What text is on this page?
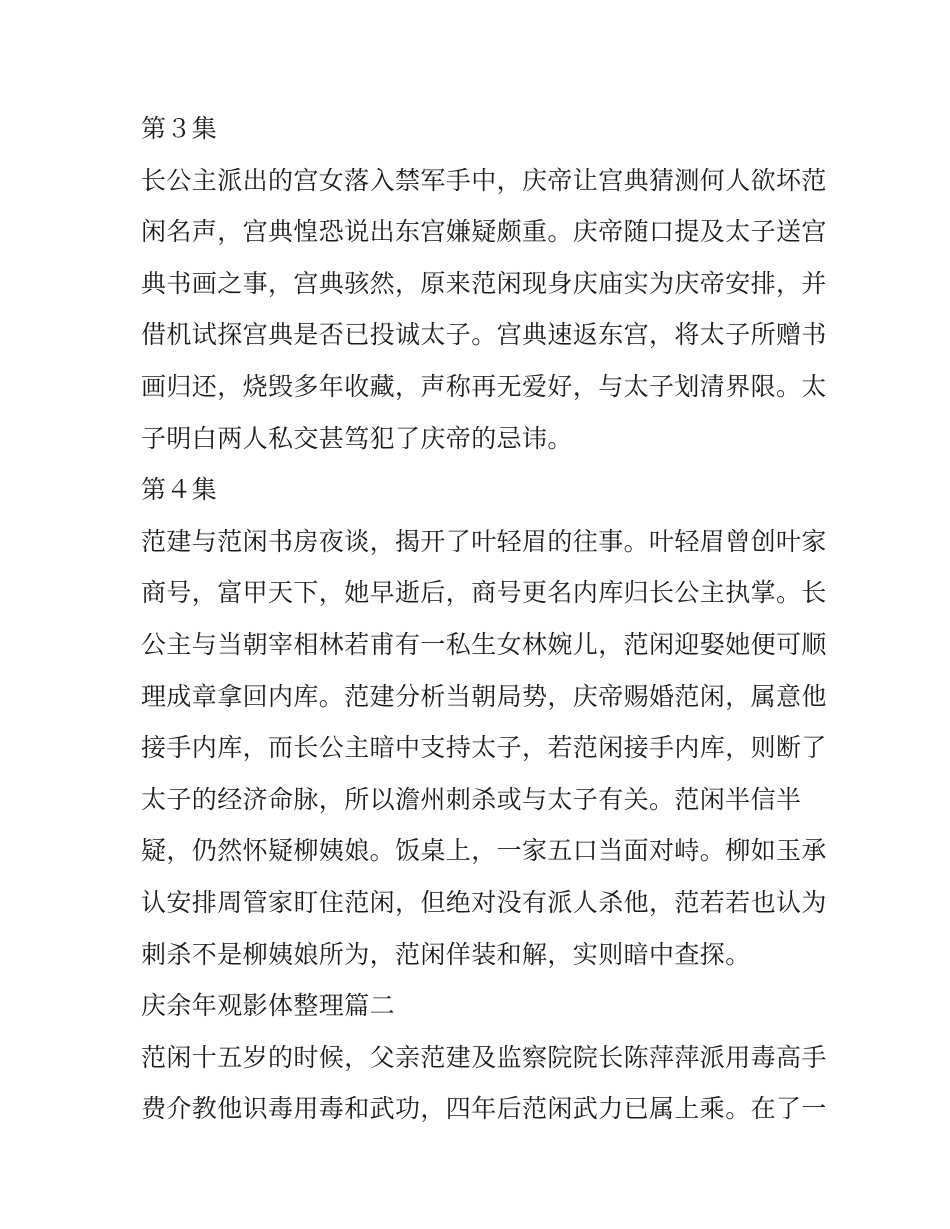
第３集
长公主派出的宫女落入禁军手中，庆帝让宫典猜测何人欲坏范
闲名声，宫典惶恐说出东宫嫌疑颇重。庆帝随口提及太子送宫
典书画之事，宫典骇然，原来范闲现身庆庙实为庆帝安排，并
借机试探宫典是否已投诚太子。宫典速返东宫，将太子所赠书
画归还，烧毁多年收藏，声称再无爱好，与太子划清界限。太
子明白两人私交甚笃犯了庆帝的忌讳。
第４集
范建与范闲书房夜谈，揭开了叶轻眉的往事。叶轻眉曾创叶家
商号，富甲天下，她早逝后，商号更名内库归长公主执掌。长
公主与当朝宰相林若甫有一私生女林婉儿，范闲迎娶她便可顺
理成章拿回内库。范建分析当朝局势，庆帝赐婚范闲，属意他
接手内库，而长公主暗中支持太子，若范闲接手内库，则断了
太子的经济命脉，所以澹州刺杀或与太子有关。范闲半信半
疑，仍然怀疑柳姨娘。饭桌上，一家五口当面对峙。柳如玉承
认安排周管家盯住范闲，但绝对没有派人杀他，范若若也认为
刺杀不是柳姨娘所为，范闲佯装和解，实则暗中查探。
庆余年观影体整理篇二
范闲十五岁的时候，父亲范建及监察院院长陈萍萍派用毒高手
费介教他识毒用毒和武功，四年后范闲武力已属上乘。在了一
